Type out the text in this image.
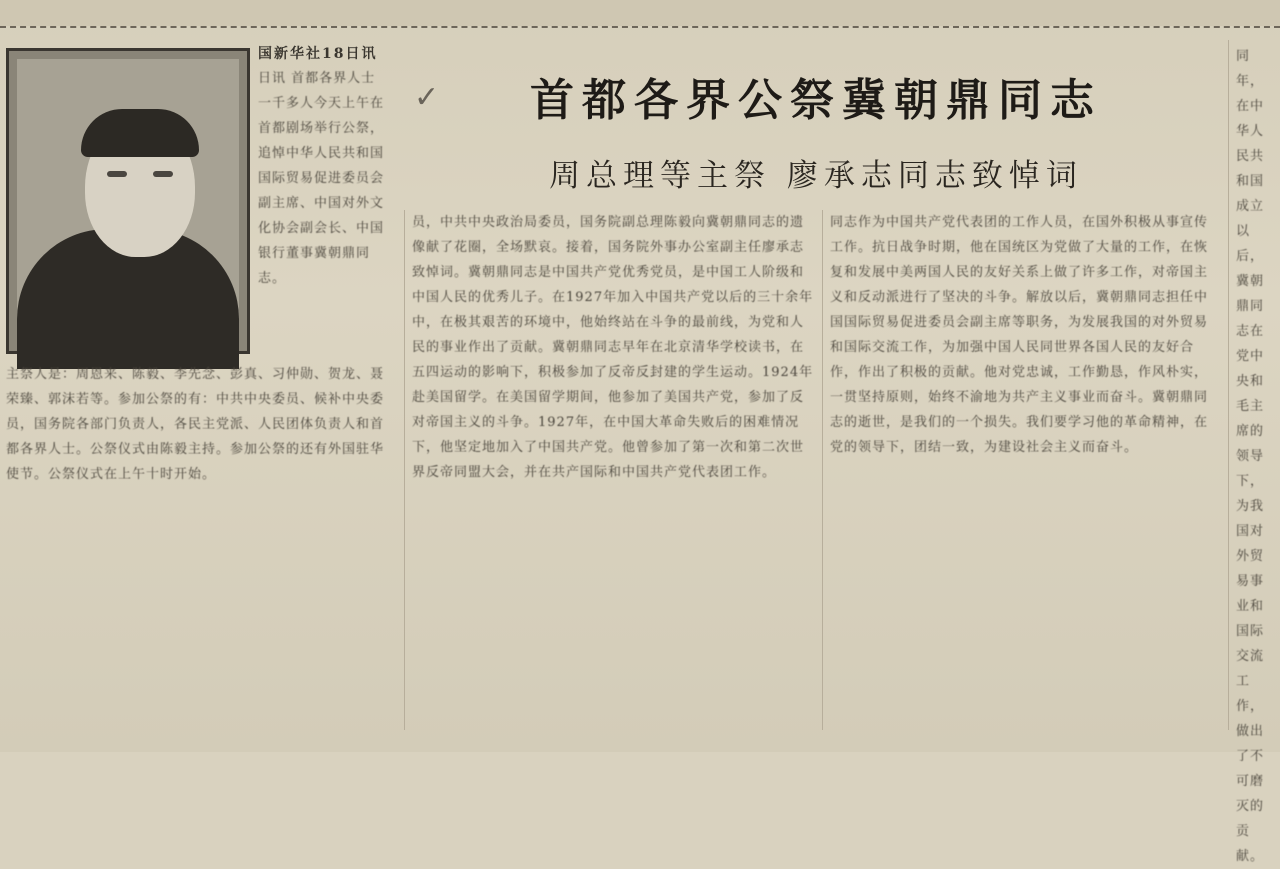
国新华社18日讯
日讯 首都各界人士一千多人今天上午在首都剧场举行公祭，追悼中华人民共和国国际贸易促进委员会副主席、中国对外文化协会副会长、中国银行董事冀朝鼎同志。
主祭人是：周恩来、陈毅、李先念、彭真、习仲勋、贺龙、聂荣臻、郭沫若等。参加公祭的有：中共中央委员、候补中央委员，国务院各部门负责人，各民主党派、人民团体负责人和首都各界人士。公祭仪式由陈毅主持。参加公祭的还有外国驻华使节。公祭仪式在上午十时开始。
✓	首都各界公祭冀朝鼎同志
周总理等主祭 廖承志同志致悼词
员，中共中央政治局委员，国务院副总理陈毅向冀朝鼎同志的遗像献了花圈，全场默哀。接着，国务院外事办公室副主任廖承志致悼词。冀朝鼎同志是中国共产党优秀党员，是中国工人阶级和中国人民的优秀儿子。在1927年加入中国共产党以后的三十余年中，在极其艰苦的环境中，他始终站在斗争的最前线，为党和人民的事业作出了贡献。冀朝鼎同志早年在北京清华学校读书，在五四运动的影响下，积极参加了反帝反封建的学生运动。1924年赴美国留学。在美国留学期间，他参加了美国共产党，参加了反对帝国主义的斗争。1927年，在中国大革命失败后的困难情况下，他坚定地加入了中国共产党。他曾参加了第一次和第二次世界反帝同盟大会，并在共产国际和中国共产党代表团工作。
同志作为中国共产党代表团的工作人员，在国外积极从事宣传工作。抗日战争时期，他在国统区为党做了大量的工作，在恢复和发展中美两国人民的友好关系上做了许多工作，对帝国主义和反动派进行了坚决的斗争。解放以后，冀朝鼎同志担任中国国际贸易促进委员会副主席等职务，为发展我国的对外贸易和国际交流工作，为加强中国人民同世界各国人民的友好合作，作出了积极的贡献。他对党忠诚，工作勤恳，作风朴实，一贯坚持原则，始终不渝地为共产主义事业而奋斗。冀朝鼎同志的逝世，是我们的一个损失。我们要学习他的革命精神，在党的领导下，团结一致，为建设社会主义而奋斗。
同年，在中华人民共和国成立以后，冀朝鼎同志在党中央和毛主席的领导下，为我国对外贸易事业和国际交流工作，做出了不可磨灭的贡献。
